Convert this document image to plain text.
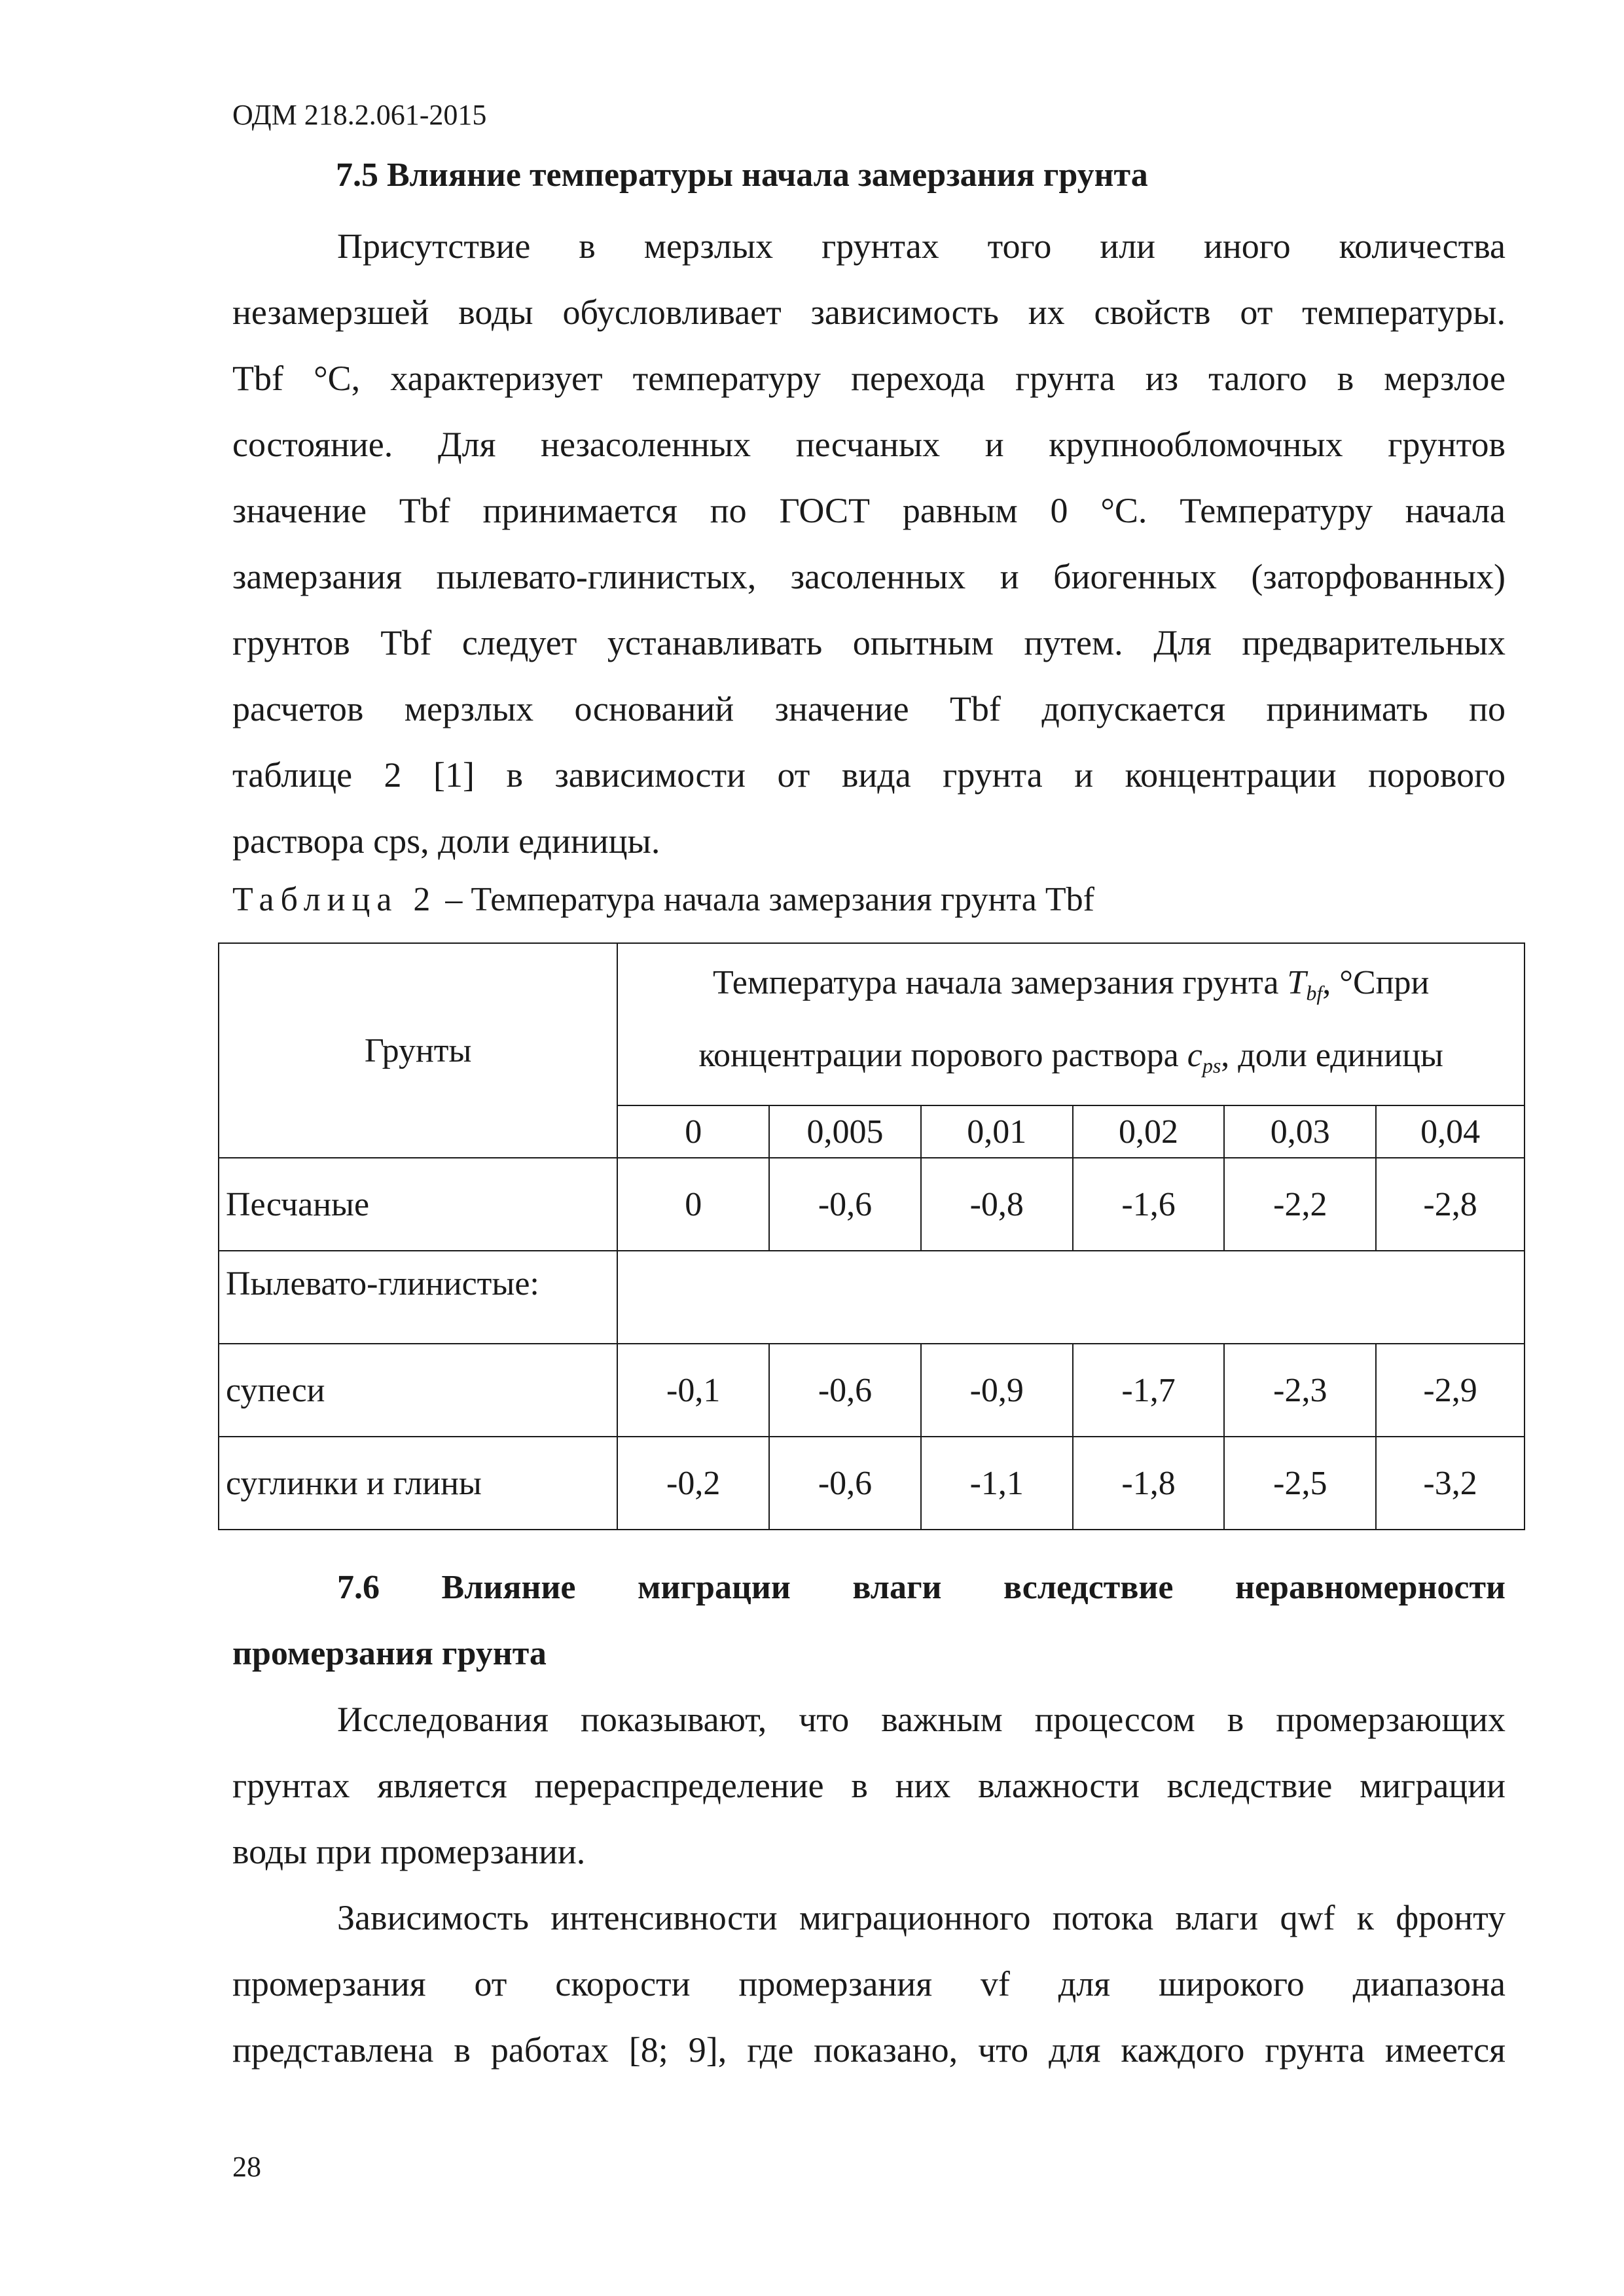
ОДМ 218.2.061-2015
7.5 Влияние температуры начала замерзания грунта
Присутствие в мерзлых грунтах того или иного количества
незамерзшей воды обусловливает зависимость их свойств от температуры.
Tbf °С, характеризует температуру перехода грунта из талого в мерзлое
состояние. Для незасоленных песчаных и крупнообломочных грунтов
значение Tbf принимается по ГОСТ равным 0 °С. Температуру начала
замерзания пылевато-глинистых, засоленных и биогенных (заторфованных)
грунтов Tbf следует устанавливать опытным путем. Для предварительных
расчетов мерзлых оснований значение Tbf допускается принимать по
таблице 2 [1] в зависимости от вида грунта и концентрации порового
раствора cps, доли единицы.
Таблица 2 – Температура начала замерзания грунта Tbf
Грунты	Температура начала замерзания грунта $T_{bf}$, °Спри
концентрации порового раствора $c_{ps}$, доли единицы					
	0	0,005	0,01	0,02	0,03	0,04
Песчаные	0	-0,6	-0,8	-1,6	-2,2	-2,8
Пылевато-глинистые:						
супеси	-0,1	-0,6	-0,9	-1,7	-2,3	-2,9
суглинки и глины	-0,2	-0,6	-1,1	-1,8	-2,5	-3,2
7.6 Влияние миграции влаги вследствие неравномерности
промерзания грунта
Исследования показывают, что важным процессом в промерзающих
грунтах является перераспределение в них влажности вследствие миграции
воды при промерзании.
Зависимость интенсивности миграционного потока влаги qwf к фронту
промерзания от скорости промерзания vf для широкого диапазона
представлена в работах [8; 9], где показано, что для каждого грунта имеется
28
